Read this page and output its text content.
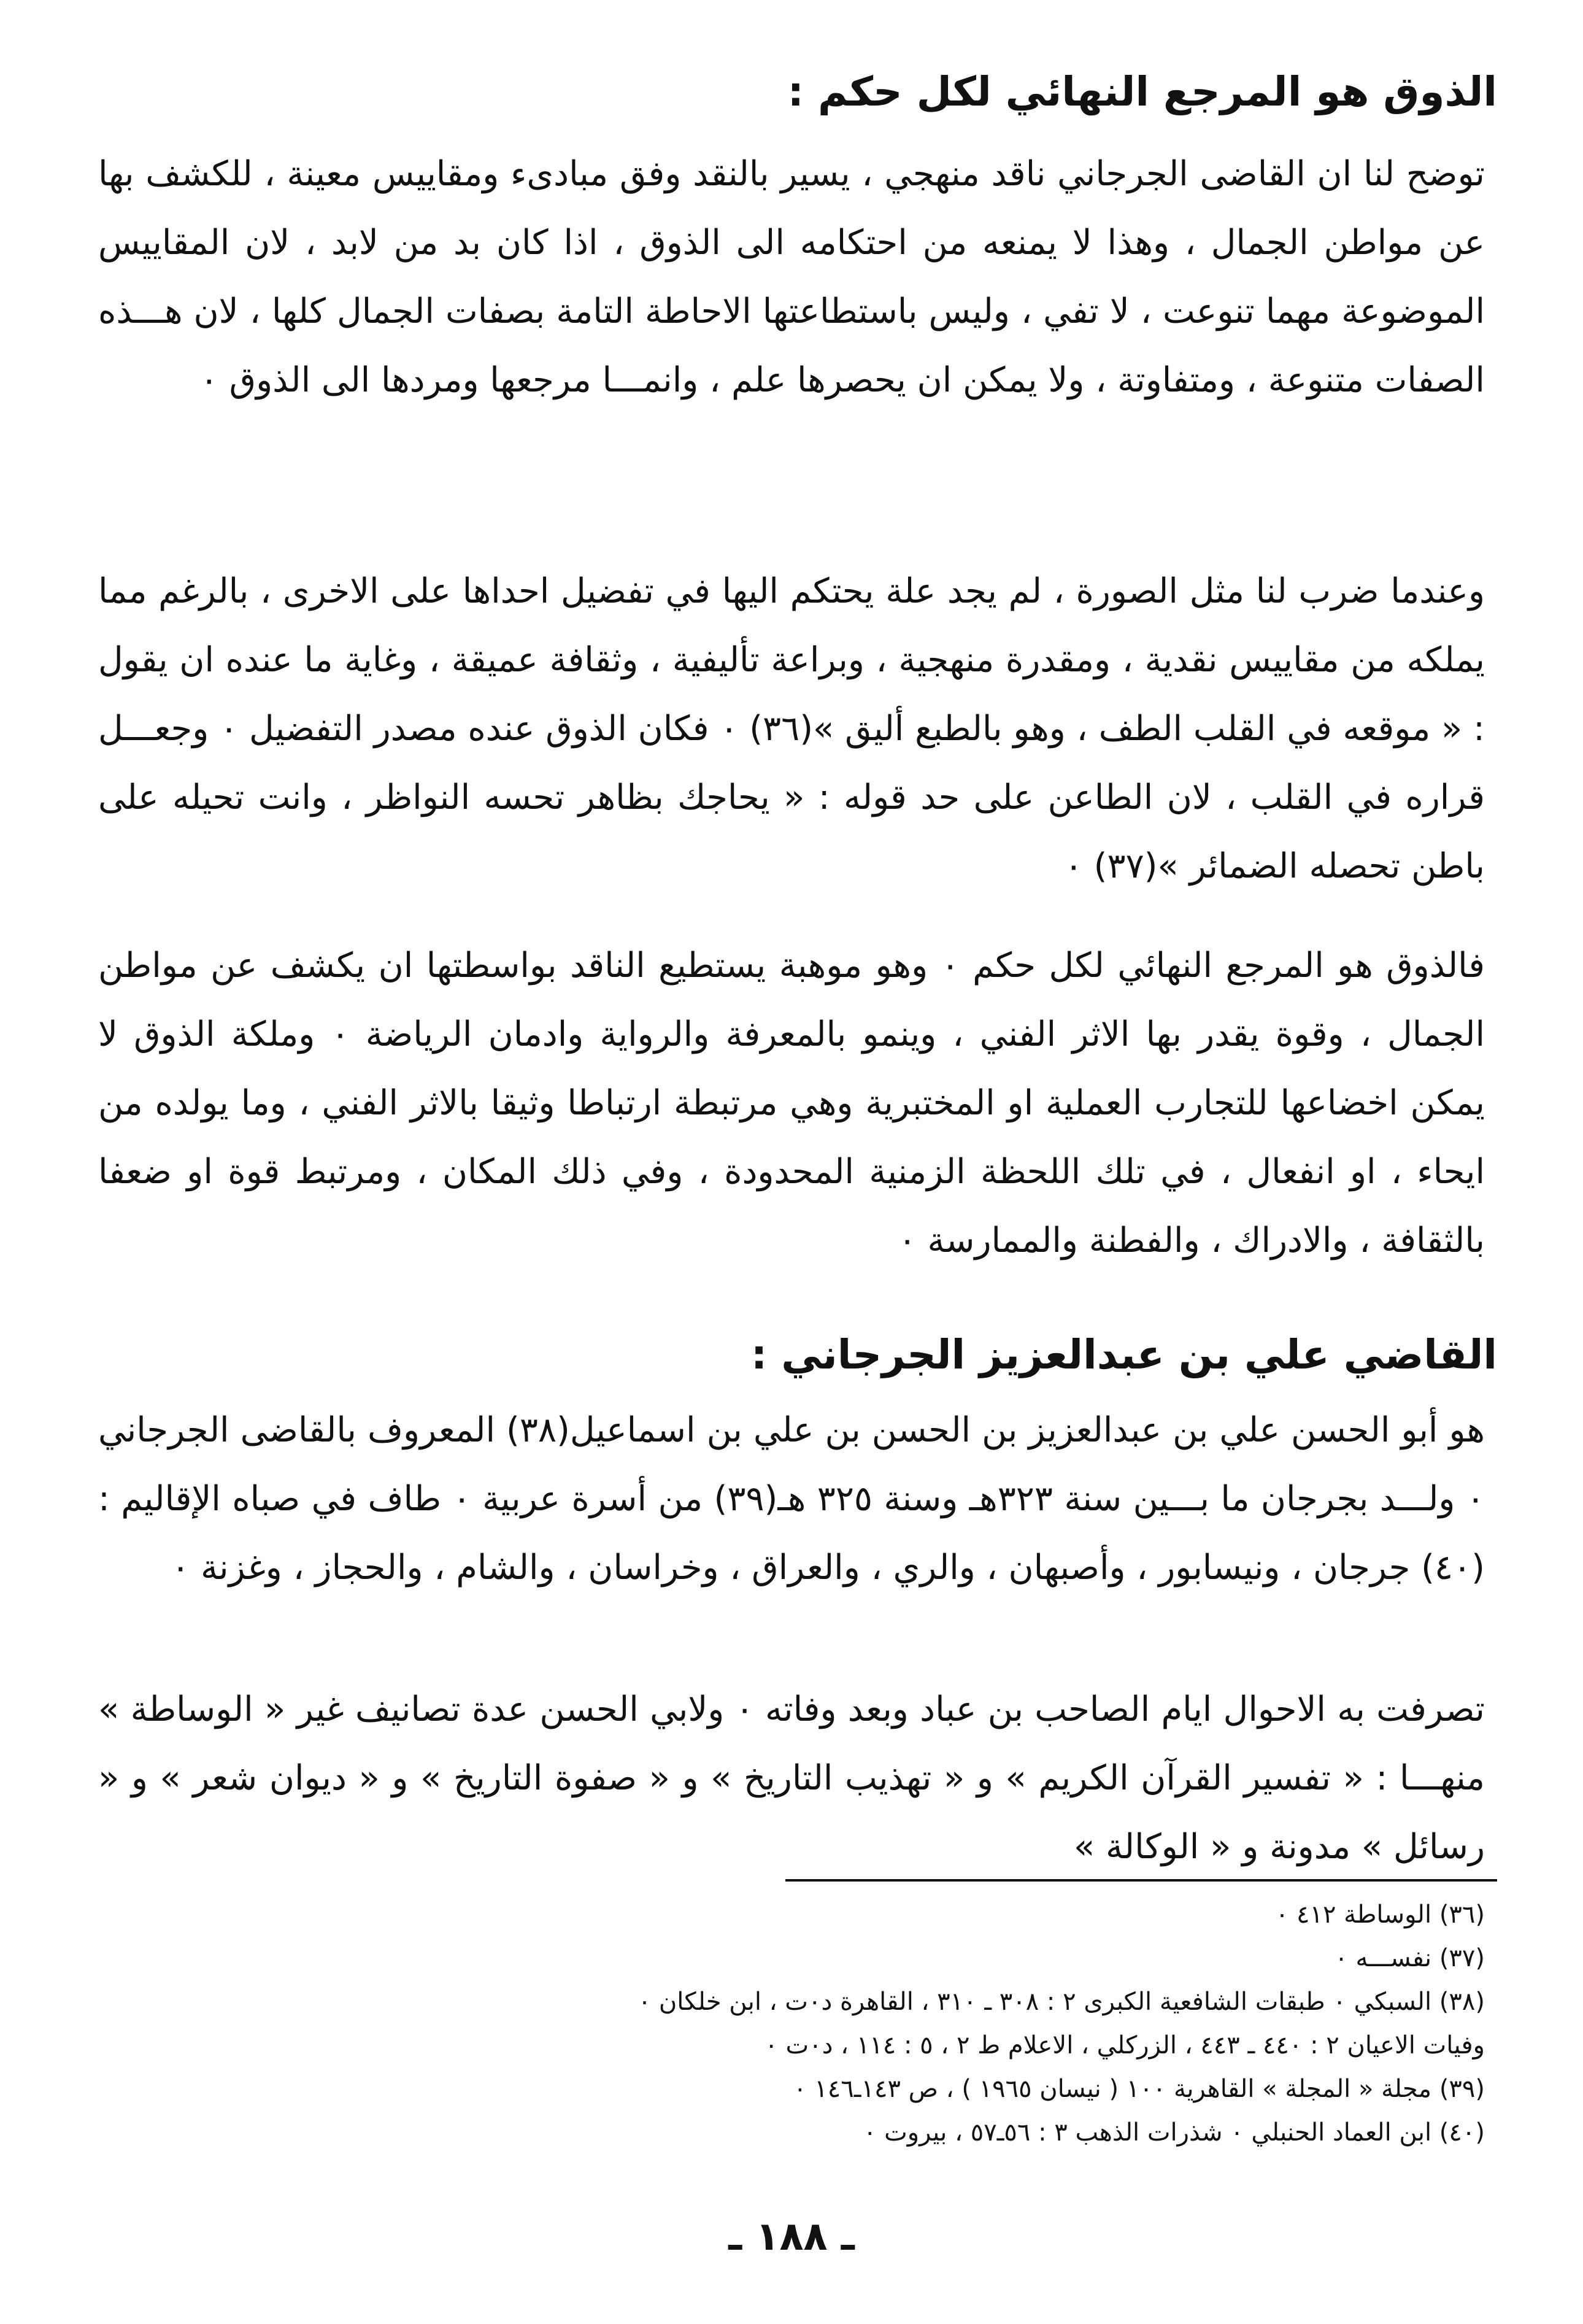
الذوق هو المرجع النهائي لكل حكم :

توضح لنا ان القاضى الجرجاني ناقد منهجي ، يسير بالنقد وفق مبادىء ومقاييس معينة ، للكشف بها عن مواطن الجمال ، وهذا لا يمنعه من احتكامه الى الذوق ، اذا كان بد من لابد ، لان المقاييس الموضوعة مهما تنوعت ، لا تفي ، وليس باستطاعتها الاحاطة التامة بصفات الجمال كلها ، لان هـــذه الصفات متنوعة ، ومتفاوتة ، ولا يمكن ان يحصرها علم ، وانمـــا مرجعها ومردها الى الذوق ٠

وعندما ضرب لنا مثل الصورة ، لم يجد علة يحتكم اليها في تفضيل احداها على الاخرى ، بالرغم مما يملكه من مقاييس نقدية ، ومقدرة منهجية ، وبراعة تأليفية ، وثقافة عميقة ، وغاية ما عنده ان يقول : « موقعه في القلب الطف ، وهو بالطبع أليق »(٣٦) ٠ فكان الذوق عنده مصدر التفضيل ٠ وجعـــل قراره في القلب ، لان الطاعن على حد قوله : « يحاجك بظاهر تحسه النواظر ، وانت تحيله على باطن تحصله الضمائر »(٣٧) ٠

فالذوق هو المرجع النهائي لكل حكم ٠ وهو موهبة يستطيع الناقد بواسطتها ان يكشف عن مواطن الجمال ، وقوة يقدر بها الاثر الفني ، وينمو بالمعرفة والرواية وادمان الرياضة ٠ وملكة الذوق لا يمكن اخضاعها للتجارب العملية او المختبرية وهي مرتبطة ارتباطا وثيقا بالاثر الفني ، وما يولده من ايحاء ، او انفعال ، في تلك اللحظة الزمنية المحدودة ، وفي ذلك المكان ، ومرتبط قوة او ضعفا بالثقافة ، والادراك ، والفطنة والممارسة ٠

القاضي علي بن عبدالعزيز الجرجاني :

هو أبو الحسن علي بن عبدالعزيز بن الحسن بن علي بن اسماعيل(٣٨) المعروف بالقاضى الجرجاني ٠ ولـــد بجرجان ما بـــين سنة ٣٢٣هـ وسنة ٣٢٥ هـ(٣٩) من أسرة عربية ٠ طاف في صباه الإقاليم :(٤٠) جرجان ، ونيسابور ، وأصبهان ، والري ، والعراق ، وخراسان ، والشام ، والحجاز ، وغزنة ٠

تصرفت به الاحوال ايام الصاحب بن عباد وبعد وفاته ٠ ولابي الحسن عدة تصانيف غير « الوساطة » منهـــا : « تفسير القرآن الكريم » و « تهذيب التاريخ » و « صفوة التاريخ » و « ديوان شعر » و « رسائل » مدونة و « الوكالة »

(٣٦) الوساطة ٤١٢ ٠
(٣٧) نفســـه ٠
(٣٨) السبكي ٠ طبقات الشافعية الكبرى ٢ : ٣٠٨ ـ ٣١٠ ، القاهرة د٠ت ، ابن خلكان ٠
وفيات الاعيان ٢ : ٤٤٠ ـ ٤٤٣ ، الزركلي ، الاعلام ط ٢ ، ٥ : ١١٤ ، د٠ت ٠
(٣٩) مجلة « المجلة » القاهرية ١٠٠ ( نيسان ١٩٦٥ ) ، ص ١٤٣ـ١٤٦ ٠
(٤٠) ابن العماد الحنبلي ٠ شذرات الذهب ٣ : ٥٦ـ٥٧ ، بيروت ٠
ـ ١٨٨ ـ
